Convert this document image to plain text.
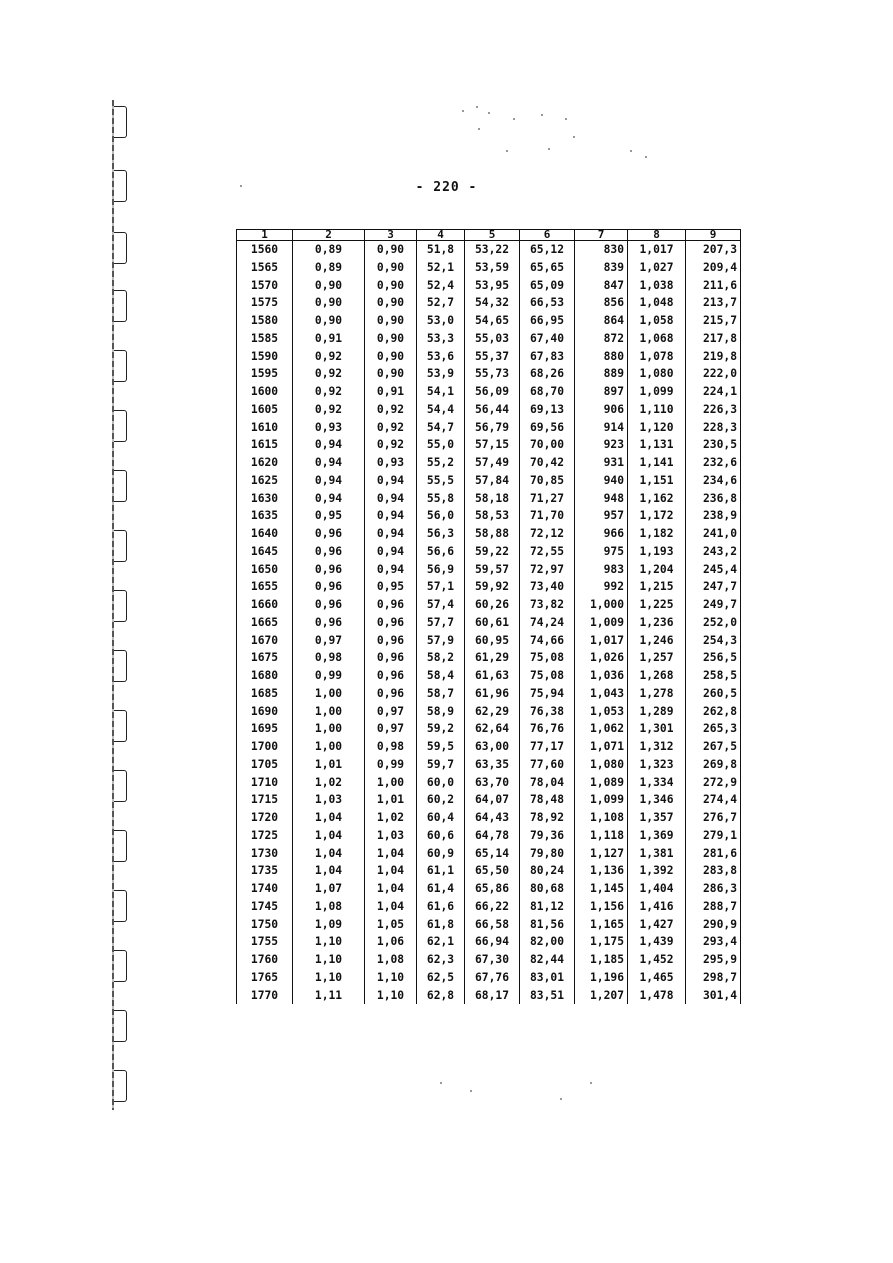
- 220 -
1	2	3	4	5	6	7	8	9
1560	0,89	0,90	51,8	53,22	65,12	830	1,017	207,3
1565	0,89	0,90	52,1	53,59	65,65	839	1,027	209,4
1570	0,90	0,90	52,4	53,95	65,09	847	1,038	211,6
1575	0,90	0,90	52,7	54,32	66,53	856	1,048	213,7
1580	0,90	0,90	53,0	54,65	66,95	864	1,058	215,7
1585	0,91	0,90	53,3	55,03	67,40	872	1,068	217,8
1590	0,92	0,90	53,6	55,37	67,83	880	1,078	219,8
1595	0,92	0,90	53,9	55,73	68,26	889	1,080	222,0
1600	0,92	0,91	54,1	56,09	68,70	897	1,099	224,1
1605	0,92	0,92	54,4	56,44	69,13	906	1,110	226,3
1610	0,93	0,92	54,7	56,79	69,56	914	1,120	228,3
1615	0,94	0,92	55,0	57,15	70,00	923	1,131	230,5
1620	0,94	0,93	55,2	57,49	70,42	931	1,141	232,6
1625	0,94	0,94	55,5	57,84	70,85	940	1,151	234,6
1630	0,94	0,94	55,8	58,18	71,27	948	1,162	236,8
1635	0,95	0,94	56,0	58,53	71,70	957	1,172	238,9
1640	0,96	0,94	56,3	58,88	72,12	966	1,182	241,0
1645	0,96	0,94	56,6	59,22	72,55	975	1,193	243,2
1650	0,96	0,94	56,9	59,57	72,97	983	1,204	245,4
1655	0,96	0,95	57,1	59,92	73,40	992	1,215	247,7
1660	0,96	0,96	57,4	60,26	73,82	1,000	1,225	249,7
1665	0,96	0,96	57,7	60,61	74,24	1,009	1,236	252,0
1670	0,97	0,96	57,9	60,95	74,66	1,017	1,246	254,3
1675	0,98	0,96	58,2	61,29	75,08	1,026	1,257	256,5
1680	0,99	0,96	58,4	61,63	75,08	1,036	1,268	258,5
1685	1,00	0,96	58,7	61,96	75,94	1,043	1,278	260,5
1690	1,00	0,97	58,9	62,29	76,38	1,053	1,289	262,8
1695	1,00	0,97	59,2	62,64	76,76	1,062	1,301	265,3
1700	1,00	0,98	59,5	63,00	77,17	1,071	1,312	267,5
1705	1,01	0,99	59,7	63,35	77,60	1,080	1,323	269,8
1710	1,02	1,00	60,0	63,70	78,04	1,089	1,334	272,9
1715	1,03	1,01	60,2	64,07	78,48	1,099	1,346	274,4
1720	1,04	1,02	60,4	64,43	78,92	1,108	1,357	276,7
1725	1,04	1,03	60,6	64,78	79,36	1,118	1,369	279,1
1730	1,04	1,04	60,9	65,14	79,80	1,127	1,381	281,6
1735	1,04	1,04	61,1	65,50	80,24	1,136	1,392	283,8
1740	1,07	1,04	61,4	65,86	80,68	1,145	1,404	286,3
1745	1,08	1,04	61,6	66,22	81,12	1,156	1,416	288,7
1750	1,09	1,05	61,8	66,58	81,56	1,165	1,427	290,9
1755	1,10	1,06	62,1	66,94	82,00	1,175	1,439	293,4
1760	1,10	1,08	62,3	67,30	82,44	1,185	1,452	295,9
1765	1,10	1,10	62,5	67,76	83,01	1,196	1,465	298,7
1770	1,11	1,10	62,8	68,17	83,51	1,207	1,478	301,4
